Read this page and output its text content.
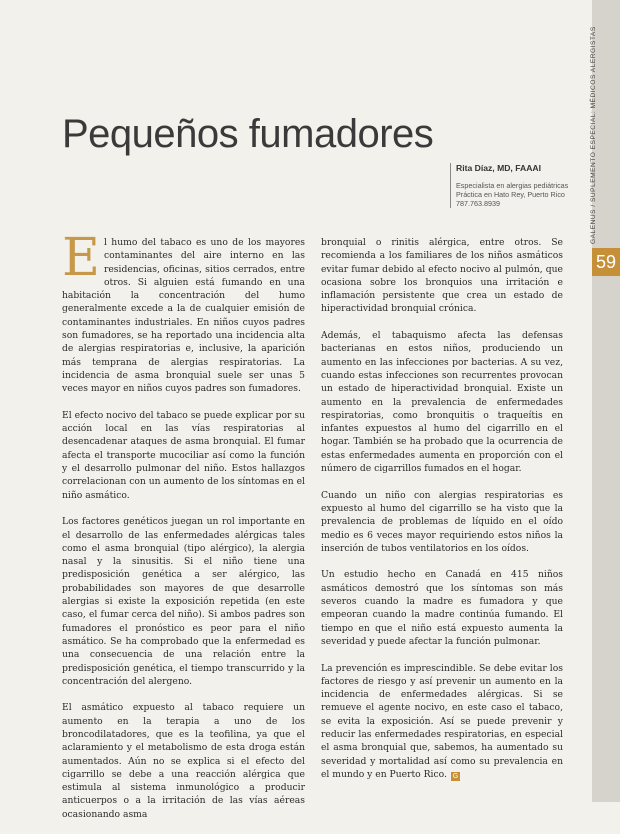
GALENUS / SUPLEMENTO ESPECIAL: MÉDICOS ALERGISTAS
59
Pequeños fumadores
Rita Díaz, MD, FAAAI
Especialista en alergias pediátricas
Práctica en Hato Rey, Puerto Rico
787.763.8939

El humo del tabaco es uno de los mayores contaminantes del aire interno en las residencias, oficinas, sitios cerrados, entre otros. Si alguien está fumando en una habitación la concentración del humo generalmente excede a la de cualquier emisión de contaminantes industriales. En niños cuyos padres son fumadores, se ha reportado una incidencia alta de alergias respiratorias e, inclusive, la aparición más temprana de alergias respiratorias. La incidencia de asma bronquial suele ser unas 5 veces mayor en niños cuyos padres son fumadores.

El efecto nocivo del tabaco se puede explicar por su acción local en las vías respiratorias al desencadenar ataques de asma bronquial. El fumar afecta el transporte mucociliar así como la función y el desarrollo pulmonar del niño. Estos hallazgos correlacionan con un aumento de los síntomas en el niño asmático.

Los factores genéticos juegan un rol importante en el desarrollo de las enfermedades alérgicas tales como el asma bronquial (tipo alérgico), la alergia nasal y la sinusitis. Si el niño tiene una predisposición genética a ser alérgico, las probabilidades son mayores de que desarrolle alergias si existe la exposición repetida (en este caso, el fumar cerca del niño). Si ambos padres son fumadores el pronóstico es peor para el niño asmático. Se ha comprobado que la enfermedad es una consecuencia de una relación entre la predisposición genética, el tiempo transcurrido y la concentración del alergeno.

El asmático expuesto al tabaco requiere un aumento en la terapia a uno de los broncodilatadores, que es la teofilina, ya que el aclaramiento y el metabolismo de esta droga están aumentados. Aún no se explica si el efecto del cigarrillo se debe a una reacción alérgica que estimula al sistema inmunológico a producir anticuerpos o a la irritación de las vías aéreas ocasionando asma

bronquial o rinitis alérgica, entre otros. Se recomienda a los familiares de los niños asmáticos evitar fumar debido al efecto nocivo al pulmón, que ocasiona sobre los bronquios una irritación e inflamación persistente que crea un estado de hiperactividad bronquial crónica.

Además, el tabaquismo afecta las defensas bacterianas en estos niños, produciendo un aumento en las infecciones por bacterias. A su vez, cuando estas infecciones son recurrentes provocan un estado de hiperactividad bronquial. Existe un aumento en la prevalencia de enfermedades respiratorias, como bronquitis o traqueítis en infantes expuestos al humo del cigarrillo en el hogar. También se ha probado que la ocurrencia de estas enfermedades aumenta en proporción con el número de cigarrillos fumados en el hogar.

Cuando un niño con alergias respiratorias es expuesto al humo del cigarrillo se ha visto que la prevalencia de problemas de líquido en el oído medio es 6 veces mayor requiriendo estos niños la inserción de tubos ventilatorios en los oídos.

Un estudio hecho en Canadá en 415 niños asmáticos demostró que los síntomas son más severos cuando la madre es fumadora y que empeoran cuando la madre continúa fumando. El tiempo en que el niño está expuesto aumenta la severidad y puede afectar la función pulmonar.

La prevención es imprescindible. Se debe evitar los factores de riesgo y así prevenir un aumento en la incidencia de enfermedades alérgicas. Si se remueve el agente nocivo, en este caso el tabaco, se evita la exposición. Así se puede prevenir y reducir las enfermedades respiratorias, en especial el asma bronquial que, sabemos, ha aumentado su severidad y mortalidad así como su prevalencia en el mundo y en Puerto Rico. G
